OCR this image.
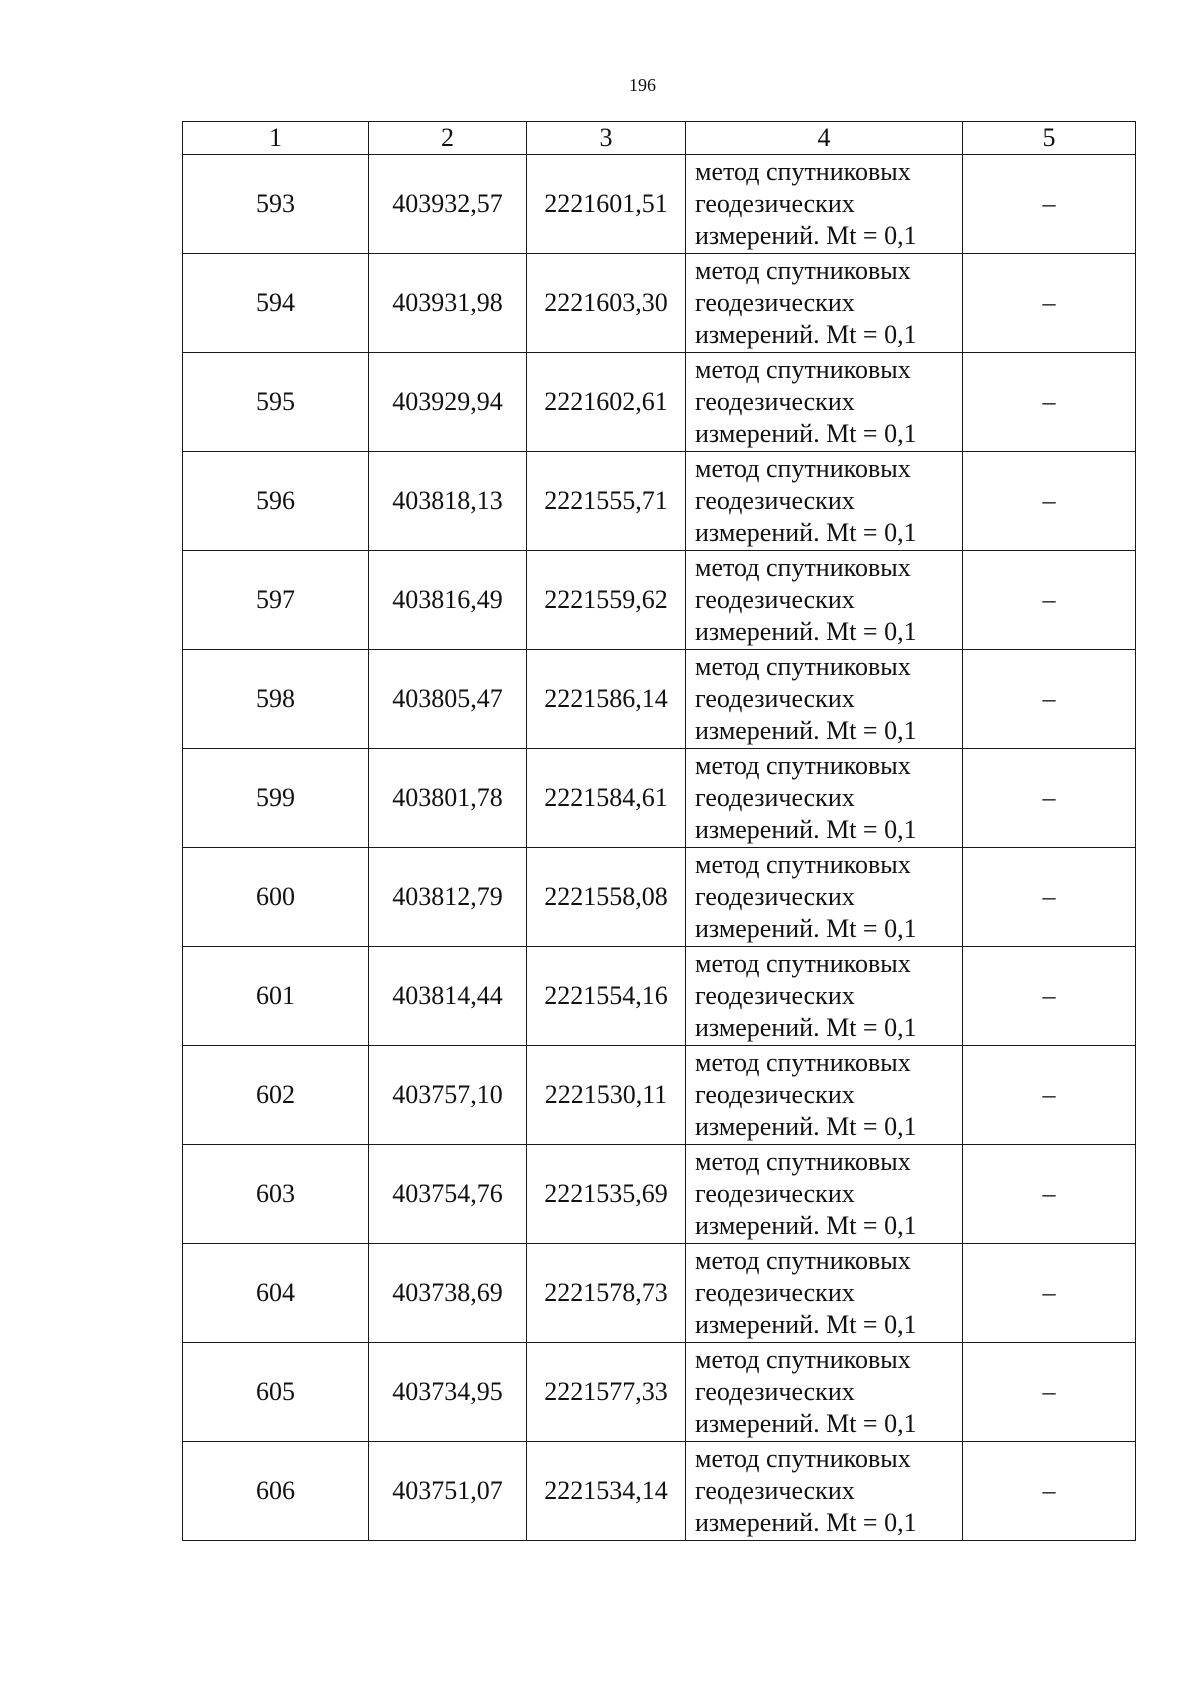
196
1	2	3	4	5
593	403932,57	2221601,51	метод спутниковых
геодезических
измерений. Mt = 0,1	–
594	403931,98	2221603,30	метод спутниковых
геодезических
измерений. Mt = 0,1	–
595	403929,94	2221602,61	метод спутниковых
геодезических
измерений. Mt = 0,1	–
596	403818,13	2221555,71	метод спутниковых
геодезических
измерений. Mt = 0,1	–
597	403816,49	2221559,62	метод спутниковых
геодезических
измерений. Mt = 0,1	–
598	403805,47	2221586,14	метод спутниковых
геодезических
измерений. Mt = 0,1	–
599	403801,78	2221584,61	метод спутниковых
геодезических
измерений. Mt = 0,1	–
600	403812,79	2221558,08	метод спутниковых
геодезических
измерений. Mt = 0,1	–
601	403814,44	2221554,16	метод спутниковых
геодезических
измерений. Mt = 0,1	–
602	403757,10	2221530,11	метод спутниковых
геодезических
измерений. Mt = 0,1	–
603	403754,76	2221535,69	метод спутниковых
геодезических
измерений. Mt = 0,1	–
604	403738,69	2221578,73	метод спутниковых
геодезических
измерений. Mt = 0,1	–
605	403734,95	2221577,33	метод спутниковых
геодезических
измерений. Mt = 0,1	–
606	403751,07	2221534,14	метод спутниковых
геодезических
измерений. Mt = 0,1	–
